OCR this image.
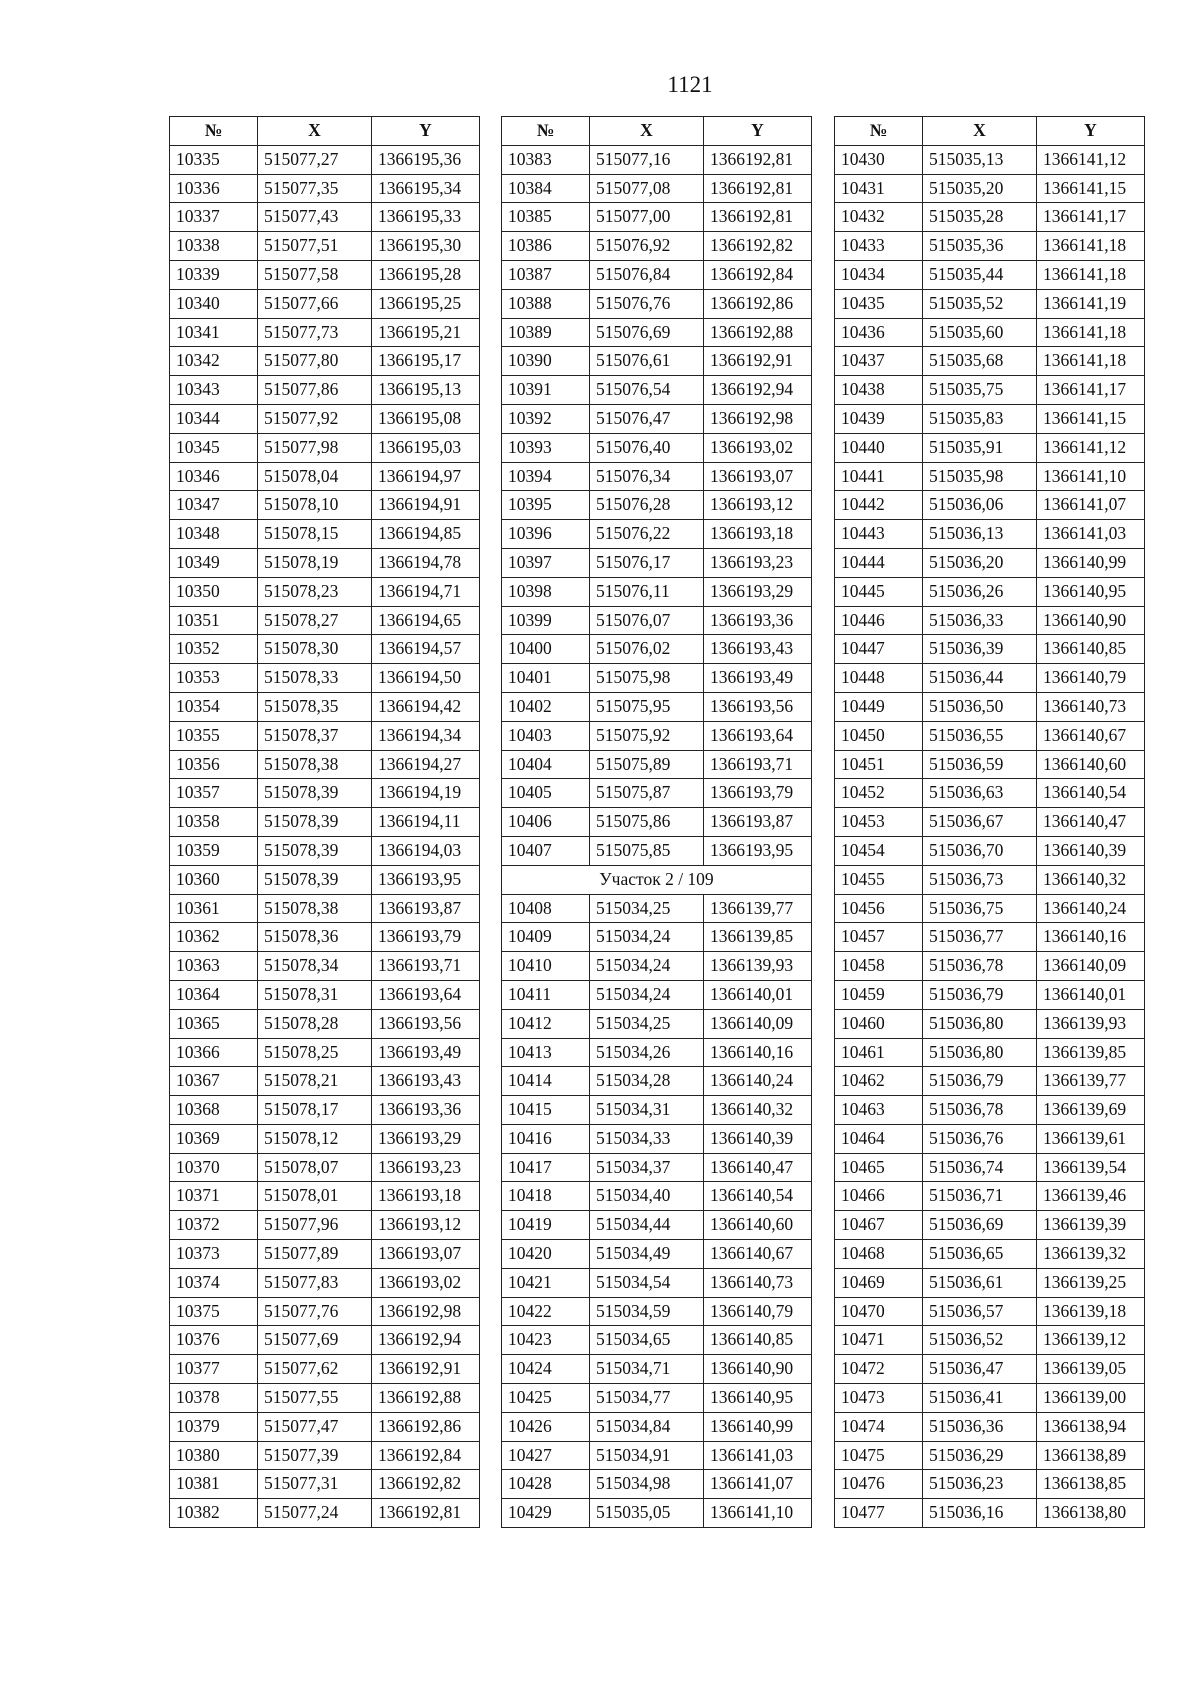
1121
№	X	Y
10335	515077,27	1366195,36
10336	515077,35	1366195,34
10337	515077,43	1366195,33
10338	515077,51	1366195,30
10339	515077,58	1366195,28
10340	515077,66	1366195,25
10341	515077,73	1366195,21
10342	515077,80	1366195,17
10343	515077,86	1366195,13
10344	515077,92	1366195,08
10345	515077,98	1366195,03
10346	515078,04	1366194,97
10347	515078,10	1366194,91
10348	515078,15	1366194,85
10349	515078,19	1366194,78
10350	515078,23	1366194,71
10351	515078,27	1366194,65
10352	515078,30	1366194,57
10353	515078,33	1366194,50
10354	515078,35	1366194,42
10355	515078,37	1366194,34
10356	515078,38	1366194,27
10357	515078,39	1366194,19
10358	515078,39	1366194,11
10359	515078,39	1366194,03
10360	515078,39	1366193,95
10361	515078,38	1366193,87
10362	515078,36	1366193,79
10363	515078,34	1366193,71
10364	515078,31	1366193,64
10365	515078,28	1366193,56
10366	515078,25	1366193,49
10367	515078,21	1366193,43
10368	515078,17	1366193,36
10369	515078,12	1366193,29
10370	515078,07	1366193,23
10371	515078,01	1366193,18
10372	515077,96	1366193,12
10373	515077,89	1366193,07
10374	515077,83	1366193,02
10375	515077,76	1366192,98
10376	515077,69	1366192,94
10377	515077,62	1366192,91
10378	515077,55	1366192,88
10379	515077,47	1366192,86
10380	515077,39	1366192,84
10381	515077,31	1366192,82
10382	515077,24	1366192,81
№	X	Y
10383	515077,16	1366192,81
10384	515077,08	1366192,81
10385	515077,00	1366192,81
10386	515076,92	1366192,82
10387	515076,84	1366192,84
10388	515076,76	1366192,86
10389	515076,69	1366192,88
10390	515076,61	1366192,91
10391	515076,54	1366192,94
10392	515076,47	1366192,98
10393	515076,40	1366193,02
10394	515076,34	1366193,07
10395	515076,28	1366193,12
10396	515076,22	1366193,18
10397	515076,17	1366193,23
10398	515076,11	1366193,29
10399	515076,07	1366193,36
10400	515076,02	1366193,43
10401	515075,98	1366193,49
10402	515075,95	1366193,56
10403	515075,92	1366193,64
10404	515075,89	1366193,71
10405	515075,87	1366193,79
10406	515075,86	1366193,87
10407	515075,85	1366193,95
Участок 2 / 109		
10408	515034,25	1366139,77
10409	515034,24	1366139,85
10410	515034,24	1366139,93
10411	515034,24	1366140,01
10412	515034,25	1366140,09
10413	515034,26	1366140,16
10414	515034,28	1366140,24
10415	515034,31	1366140,32
10416	515034,33	1366140,39
10417	515034,37	1366140,47
10418	515034,40	1366140,54
10419	515034,44	1366140,60
10420	515034,49	1366140,67
10421	515034,54	1366140,73
10422	515034,59	1366140,79
10423	515034,65	1366140,85
10424	515034,71	1366140,90
10425	515034,77	1366140,95
10426	515034,84	1366140,99
10427	515034,91	1366141,03
10428	515034,98	1366141,07
10429	515035,05	1366141,10
№	X	Y
10430	515035,13	1366141,12
10431	515035,20	1366141,15
10432	515035,28	1366141,17
10433	515035,36	1366141,18
10434	515035,44	1366141,18
10435	515035,52	1366141,19
10436	515035,60	1366141,18
10437	515035,68	1366141,18
10438	515035,75	1366141,17
10439	515035,83	1366141,15
10440	515035,91	1366141,12
10441	515035,98	1366141,10
10442	515036,06	1366141,07
10443	515036,13	1366141,03
10444	515036,20	1366140,99
10445	515036,26	1366140,95
10446	515036,33	1366140,90
10447	515036,39	1366140,85
10448	515036,44	1366140,79
10449	515036,50	1366140,73
10450	515036,55	1366140,67
10451	515036,59	1366140,60
10452	515036,63	1366140,54
10453	515036,67	1366140,47
10454	515036,70	1366140,39
10455	515036,73	1366140,32
10456	515036,75	1366140,24
10457	515036,77	1366140,16
10458	515036,78	1366140,09
10459	515036,79	1366140,01
10460	515036,80	1366139,93
10461	515036,80	1366139,85
10462	515036,79	1366139,77
10463	515036,78	1366139,69
10464	515036,76	1366139,61
10465	515036,74	1366139,54
10466	515036,71	1366139,46
10467	515036,69	1366139,39
10468	515036,65	1366139,32
10469	515036,61	1366139,25
10470	515036,57	1366139,18
10471	515036,52	1366139,12
10472	515036,47	1366139,05
10473	515036,41	1366139,00
10474	515036,36	1366138,94
10475	515036,29	1366138,89
10476	515036,23	1366138,85
10477	515036,16	1366138,80
